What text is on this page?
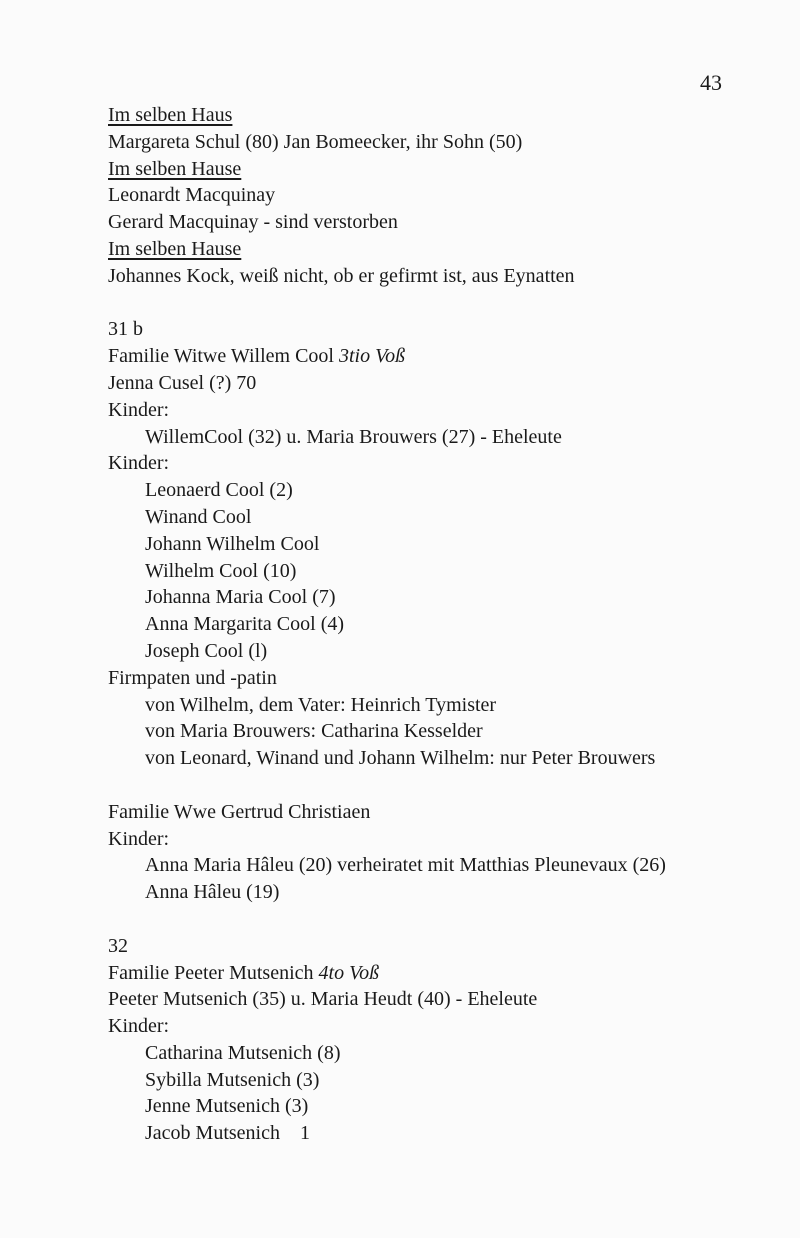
43
Im selben Haus
Margareta Schul (80) Jan Bomeecker, ihr Sohn (50)
Im selben Hause
Leonardt Macquinay
Gerard Macquinay - sind verstorben
Im selben Hause
Johannes Kock, weiß nicht, ob er gefirmt ist, aus Eynatten
31 b
Familie Witwe Willem Cool 3tio Voß
Jenna Cusel (?) 70
Kinder:
WillemCool (32) u. Maria Brouwers (27) - Eheleute
Kinder:
Leonaerd Cool (2)
Winand Cool
Johann Wilhelm Cool
Wilhelm Cool (10)
Johanna Maria Cool (7)
Anna Margarita Cool (4)
Joseph Cool (l)
Firmpaten und -patin
von Wilhelm, dem Vater: Heinrich Tymister
von Maria Brouwers: Catharina Kesselder
von Leonard, Winand und Johann Wilhelm: nur Peter Brouwers
Familie Wwe Gertrud Christiaen
Kinder:
Anna Maria Hâleu (20) verheiratet mit Matthias Pleunevaux (26)
Anna Hâleu (19)
32
Familie Peeter Mutsenich 4to Voß
Peeter Mutsenich (35) u. Maria Heudt (40) - Eheleute
Kinder:
Catharina Mutsenich (8)
Sybilla Mutsenich (3)
Jenne Mutsenich (3)
Jacob Mutsenich    1
